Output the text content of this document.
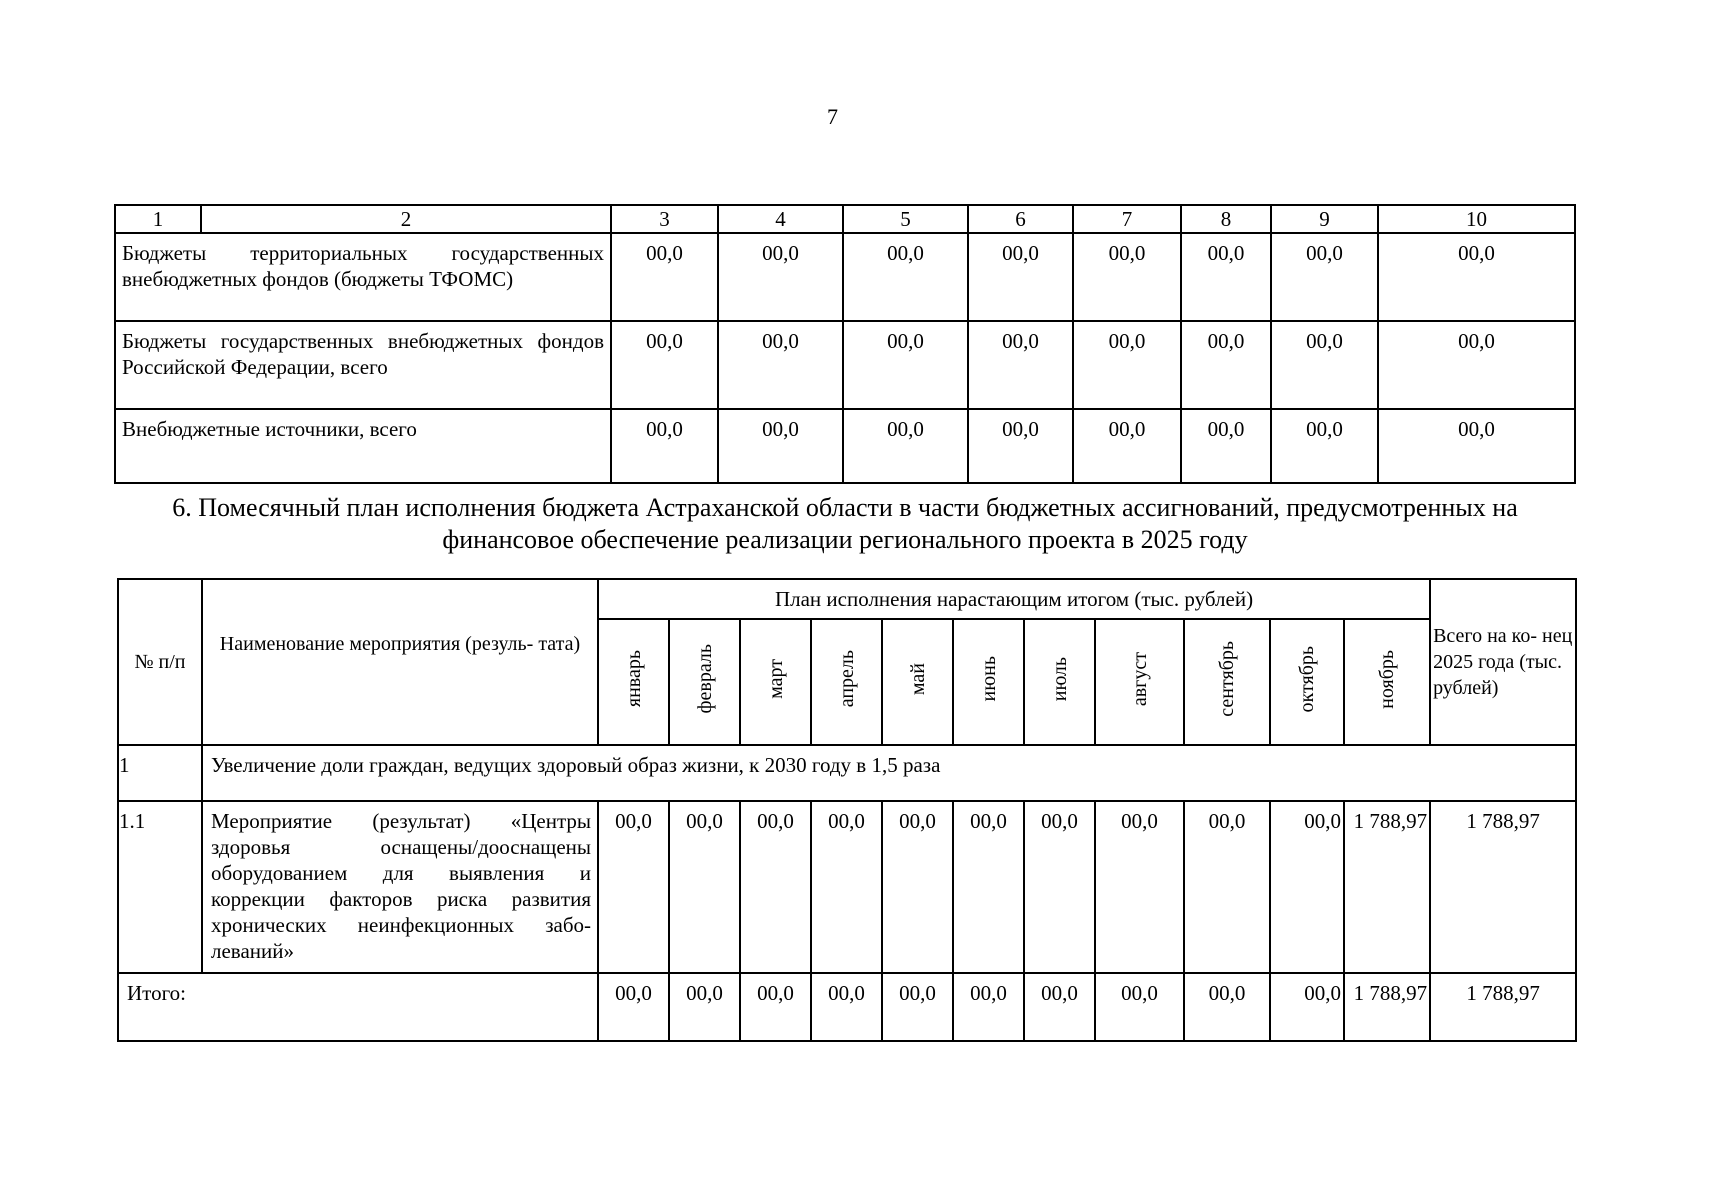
7
1	2	3	4	5	6	7	8	9	10
Бюджеты территориальных государственных внебюджетных фондов (бюджеты ТФОМС)		00,0	00,0	00,0	00,0	00,0	00,0	00,0	00,0
Бюджеты государственных внебюджетных фондов Российской Федерации, всего		00,0	00,0	00,0	00,0	00,0	00,0	00,0	00,0
Внебюджетные источники, всего		00,0	00,0	00,0	00,0	00,0	00,0	00,0	00,0
6. Помесячный план исполнения бюджета Астраханской области в части бюджетных ассигнований, предусмотренных на
финансовое обеспечение реализации регионального проекта в 2025 году
№ п/п	Наименование мероприятия (резуль- тата)	План исполнения нарастающим итогом (тыс. рублей)											Всего на ко- нец 2025 года (тыс. рублей)
		январь	февраль	март	апрель	май	июнь	июль	август	сентябрь	октябрь	ноябрь	
1	Увеличение доли граждан, ведущих здоровый образ жизни, к 2030 году в 1,5 раза												
1.1	Мероприятие (результат) «Центры здоровья оснащены/дооснащены оборудованием для выявления и коррекции факторов риска развития хронических неинфекционных забо- леваний»	00,0	00,0	00,0	00,0	00,0	00,0	00,0	00,0	00,0	00,0	1 788,97	1 788,97
Итого:		00,0	00,0	00,0	00,0	00,0	00,0	00,0	00,0	00,0	00,0	1 788,97	1 788,97
